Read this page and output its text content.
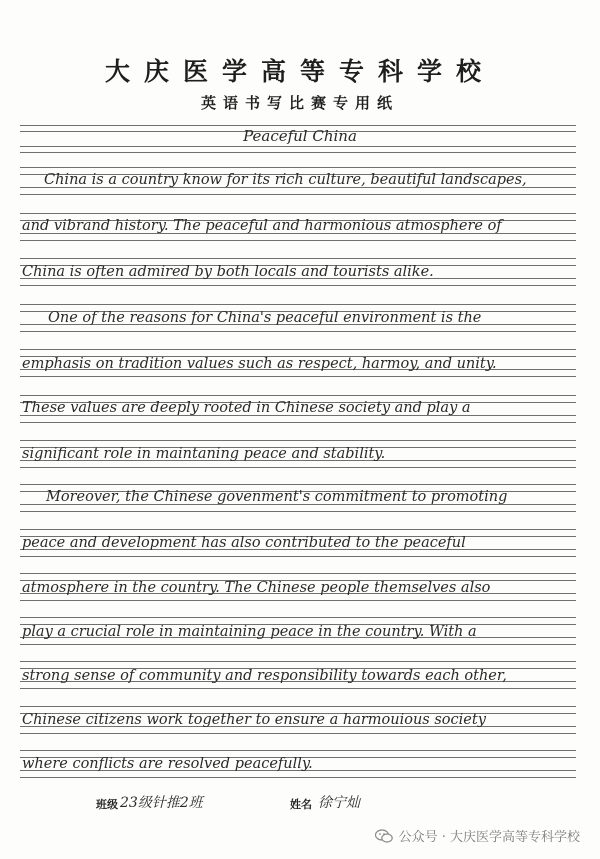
大庆医学高等专科学校
英语书写比赛专用纸
Peaceful China
China is a country know for its rich culture, beautiful landscapes,
and vibrand history. The peaceful and harmonious atmosphere of
China is often admired by both locals and tourists alike.
One of the reasons for China's peaceful environment is the
emphasis on tradition values such as respect, harmoy, and unity.
These values are deeply rooted in Chinese society and play a
significant role in maintaning peace and stability.
Moreover, the Chinese govenment's commitment to promoting
peace and development has also contributed to the peaceful
atmosphere in the country. The Chinese people themselves also
play a crucial role in maintaining peace in the country. With a
strong sense of community and responsibility towards each other,
Chinese citizens work together to ensure a harmouious society
where conflicts are resolved peacefully.
班级 23级针推2班	姓名 徐宁灿
公众号 · 大庆医学高等专科学校
